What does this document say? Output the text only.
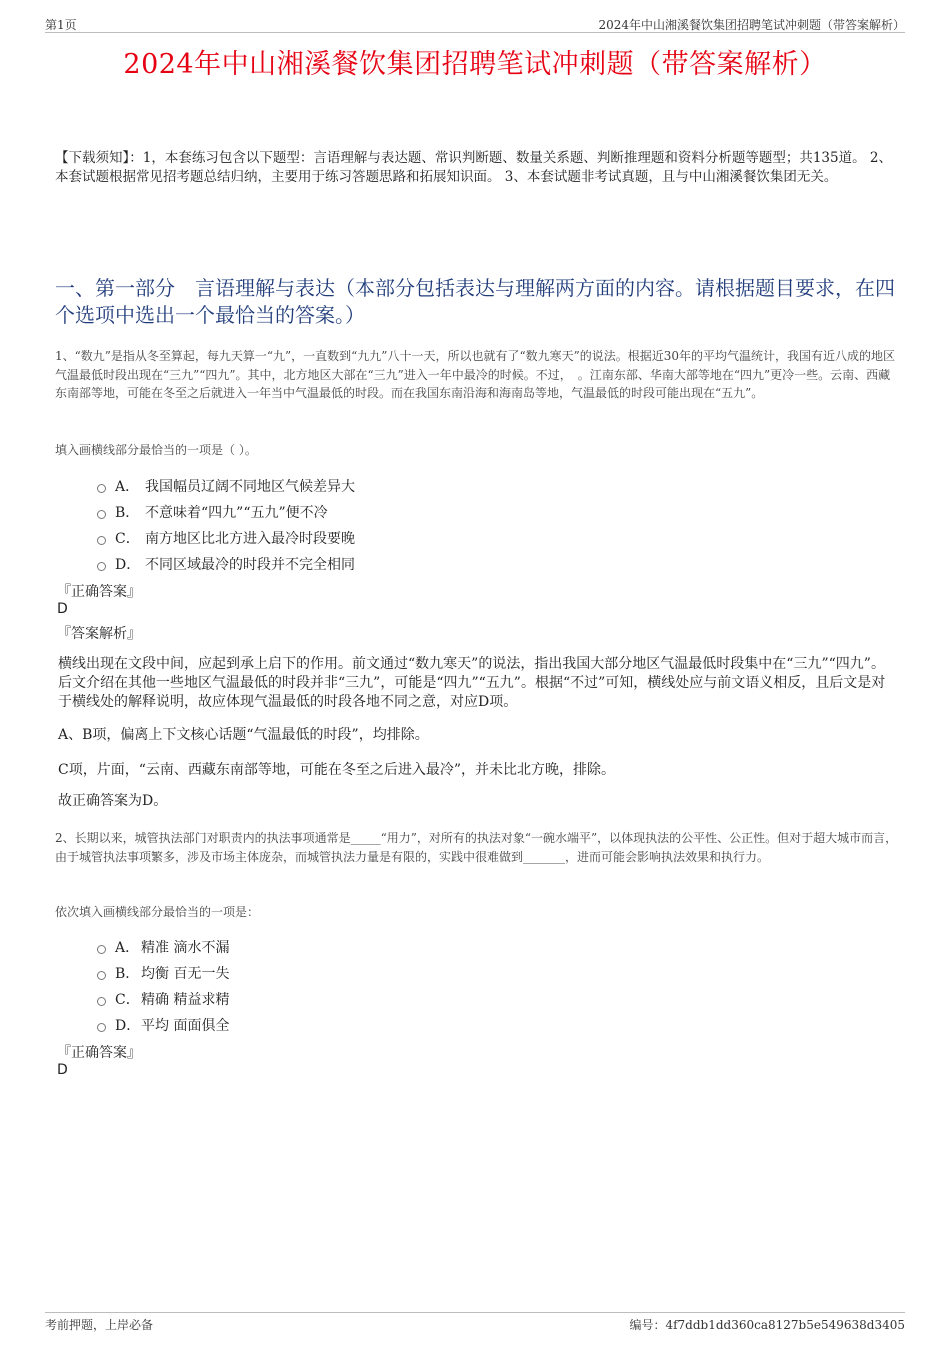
第1页	2024年中山湘溪餐饮集团招聘笔试冲刺题（带答案解析）
2024年中山湘溪餐饮集团招聘笔试冲刺题（带答案解析）
【下载须知】：1，本套练习包含以下题型：言语理解与表达题、常识判断题、数量关系题、判断推理题和资料分析题等题型；共135道。 2、本套试题根据常见招考题总结归纳，主要用于练习答题思路和拓展知识面。 3、本套试题非考试真题，且与中山湘溪餐饮集团无关。
一、第一部分　言语理解与表达（本部分包括表达与理解两方面的内容。请根据题目要求，在四个选项中选出一个最恰当的答案。）
1、“数九”是指从冬至算起，每九天算一“九”，一直数到“九九”八十一天，所以也就有了“数九寒天”的说法。根据近30年的平均气温统计，我国有近八成的地区气温最低时段出现在“三九”“四九”。其中，北方地区大部在“三九”进入一年中最冷的时候。不过，　。江南东部、华南大部等地在“四九”更冷一些。云南、西藏东南部等地，可能在冬至之后就进入一年当中气温最低的时段。而在我国东南沿海和海南岛等地，气温最低的时段可能出现在“五九”。
填入画横线部分最恰当的一项是（ ）。
A． 我国幅员辽阔不同地区气候差异大
B． 不意味着“四九”“五九”便不冷
C． 南方地区比北方进入最冷时段要晚
D． 不同区域最冷的时段并不完全相同
『正确答案』
D
『答案解析』
横线出现在文段中间，应起到承上启下的作用。前文通过“数九寒天”的说法，指出我国大部分地区气温最低时段集中在“三九”“四九”。后文介绍在其他一些地区气温最低的时段并非“三九”，可能是“四九”“五九”。根据“不过”可知，横线处应与前文语义相反，且后文是对于横线处的解释说明，故应体现气温最低的时段各地不同之意，对应D项。
A、B项，偏离上下文核心话题“气温最低的时段”，均排除。
C项，片面，“云南、西藏东南部等地，可能在冬至之后进入最冷”，并未比北方晚，排除。
故正确答案为D。
2、长期以来，城管执法部门对职责内的执法事项通常是_____“用力”，对所有的执法对象“一碗水端平”，以体现执法的公平性、公正性。但对于超大城市而言，由于城管执法事项繁多，涉及市场主体庞杂，而城管执法力量是有限的，实践中很难做到_______，进而可能会影响执法效果和执行力。
依次填入画横线部分最恰当的一项是：
A． 精准 滴水不漏
B． 均衡 百无一失
C． 精确 精益求精
D． 平均 面面俱全
『正确答案』
D
考前押题，上岸必备	编号：4f7ddb1dd360ca8127b5e549638d3405
